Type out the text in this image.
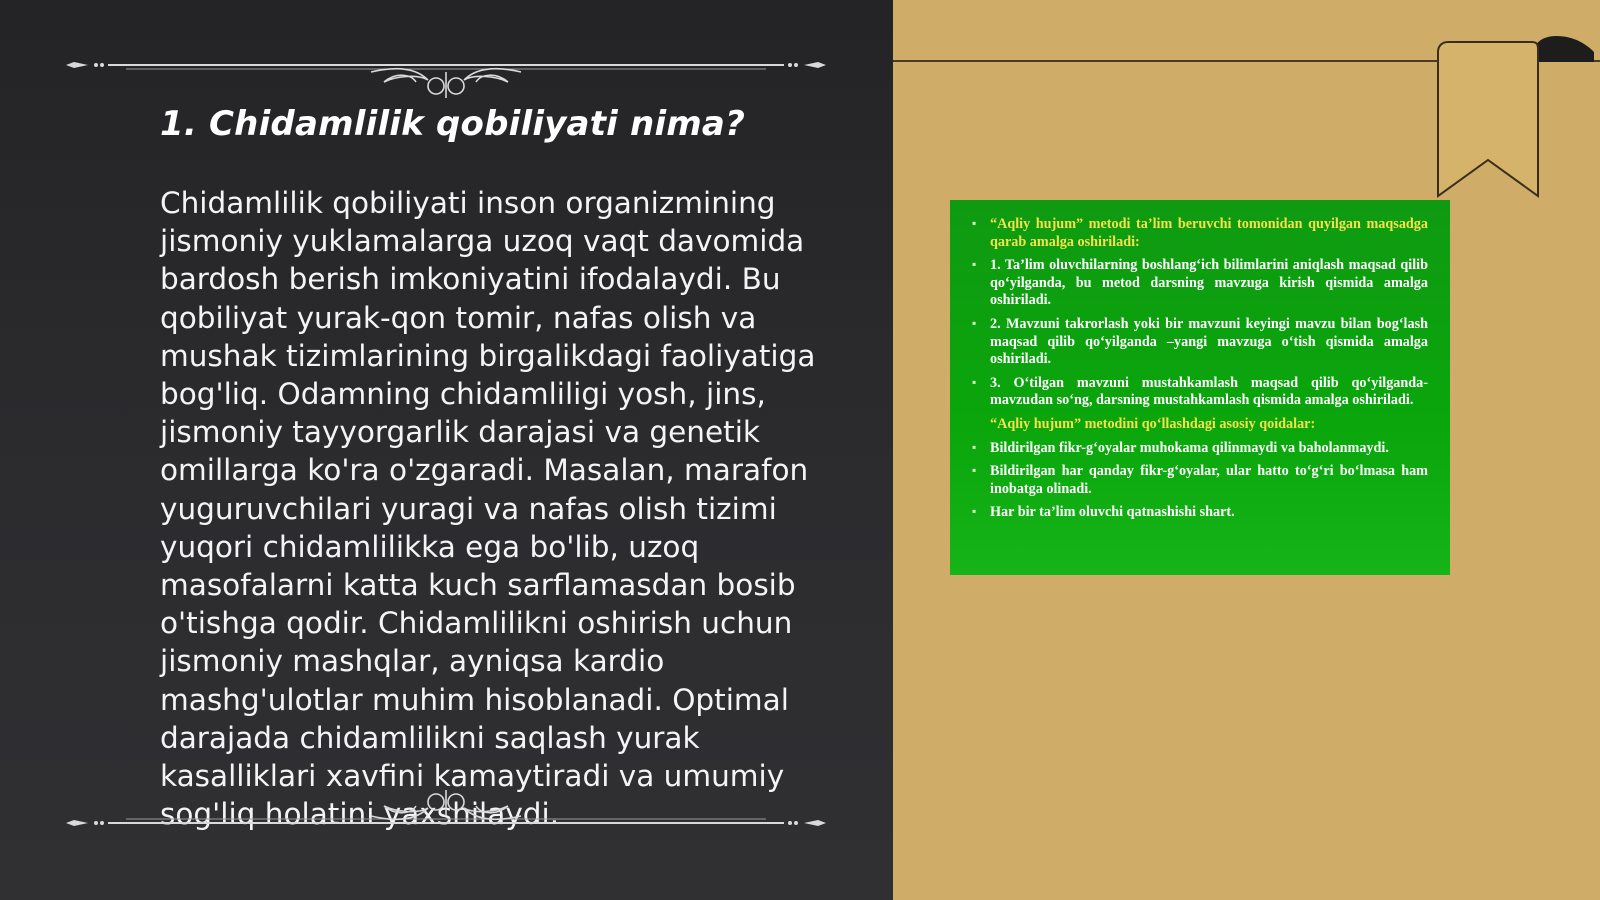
1. Chidamlilik qobiliyati nima?

Chidamlilik qobiliyati inson organizmining jismoniy yuklamalarga uzoq vaqt davomida bardosh berish imkoniyatini ifodalaydi. Bu qobiliyat yurak-qon tomir, nafas olish va mushak tizimlarining birgalikdagi faoliyatiga bog'liq. Odamning chidamliligi yosh, jins, jismoniy tayyorgarlik darajasi va genetik omillarga ko'ra o'zgaradi. Masalan, marafon yuguruvchilari yuragi va nafas olish tizimi yuqori chidamlilikka ega bo'lib, uzoq masofalarni katta kuch sarflamasdan bosib o'tishga qodir. Chidamlilikni oshirish uchun jismoniy mashqlar, ayniqsa kardio mashg'ulotlar muhim hisoblanadi. Optimal darajada chidamlilikni saqlash yurak kasalliklari xavfini kamaytiradi va umumiy sog'liq holatini yaxshilaydi.

▪ “Aqliy hujum” metodi ta’lim beruvchi tomonidan quyilgan maqsadga qarab amalga oshiriladi:
▪ 1. Ta’lim oluvchilarning boshlang‘ich bilimlarini aniqlash maqsad qilib qo‘yilganda, bu metod darsning mavzuga kirish qismida amalga oshiriladi.
▪ 2. Mavzuni takrorlash yoki bir mavzuni keyingi mavzu bilan bog‘lash maqsad qilib qo‘yilganda –yangi mavzuga o‘tish qismida amalga oshiriladi.
▪ 3. O‘tilgan mavzuni mustahkamlash maqsad qilib qo‘yilganda-mavzudan so‘ng, darsning mustahkamlash qismida amalga oshiriladi.
“Aqliy hujum” metodini qo‘llashdagi asosiy qoidalar:
▪ Bildirilgan fikr-g‘oyalar muhokama qilinmaydi va baholanmaydi.
▪ Bildirilgan har qanday fikr-g‘oyalar, ular hatto to‘g‘ri bo‘lmasa ham inobatga olinadi.
▪ Har bir ta’lim oluvchi qatnashishi shart.
